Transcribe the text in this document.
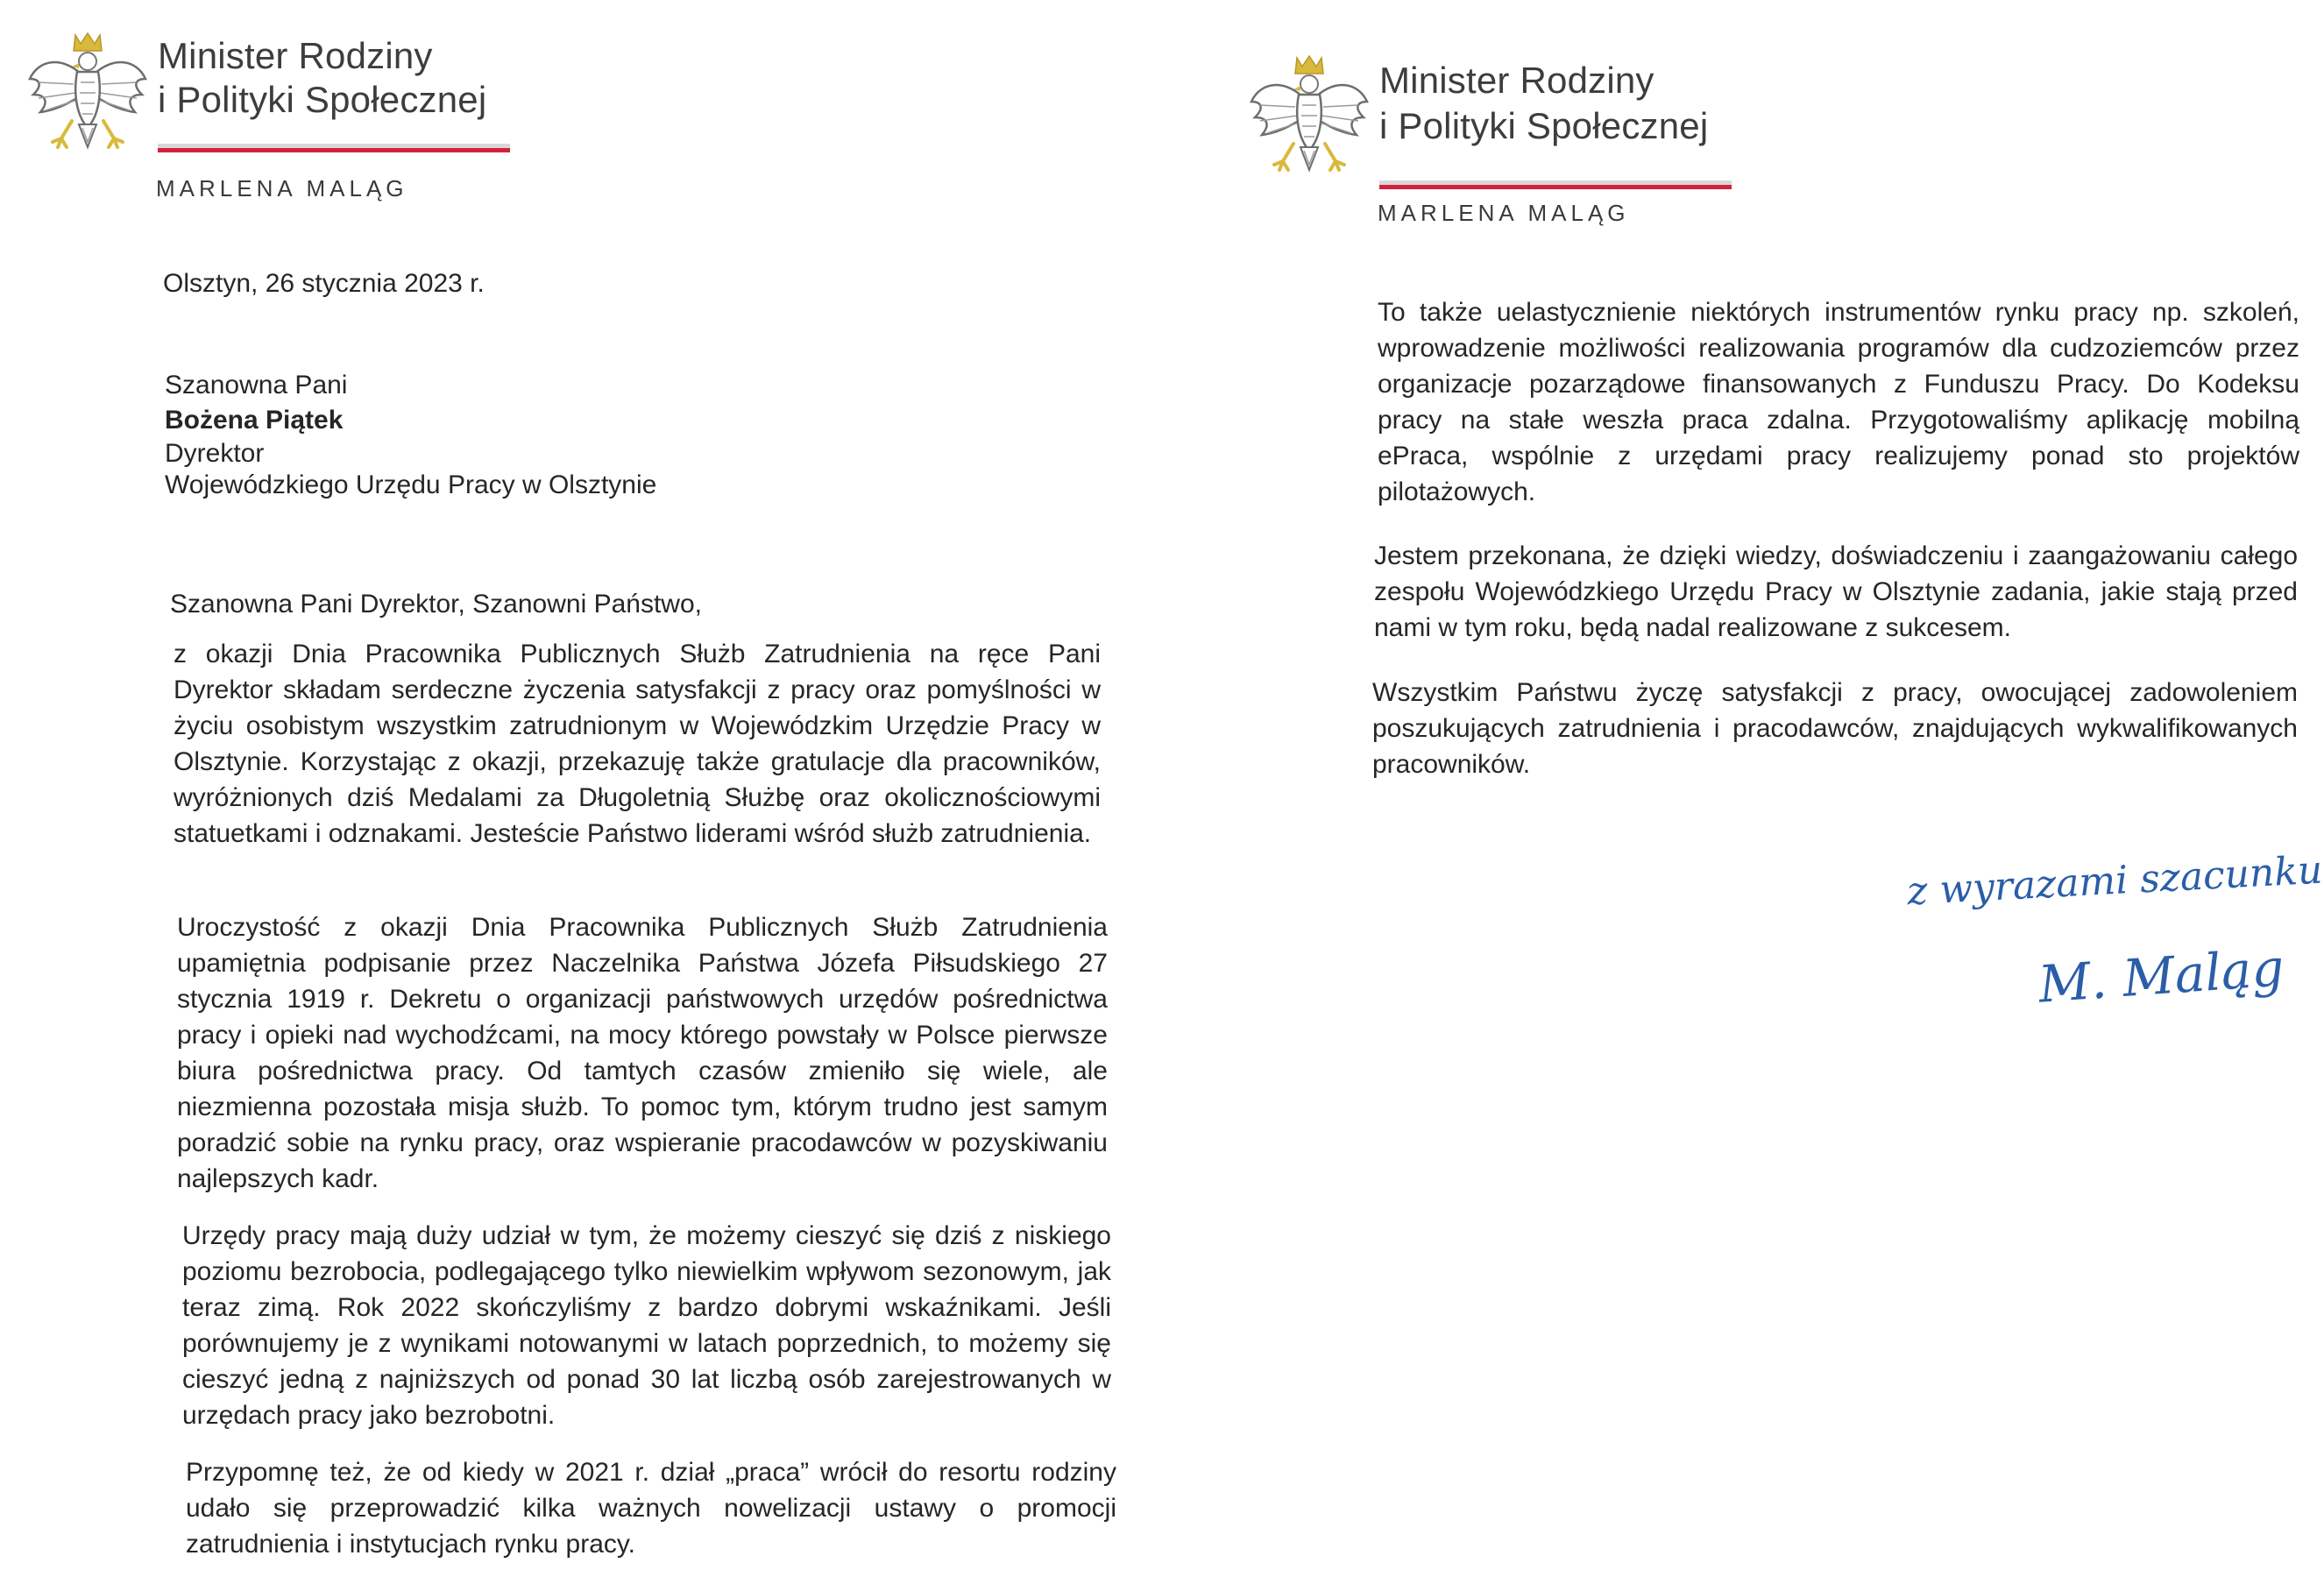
Minister Rodziny
i Polityki Społecznej
MARLENA MALĄG
Olsztyn, 26 stycznia 2023 r.
Szanowna Pani
Bożena Piątek
Dyrektor
Wojewódzkiego Urzędu Pracy w Olsztynie
Szanowna Pani Dyrektor, Szanowni Państwo,
z okazji Dnia Pracownika Publicznych Służb Zatrudnienia na ręce Pani Dyrektor składam serdeczne życzenia satysfakcji z pracy oraz pomyślności w życiu osobistym wszystkim zatrudnionym w Wojewódzkim Urzędzie Pracy w Olsztynie. Korzystając z okazji, przekazuję także gratulacje dla pracowników, wyróżnionych dziś Medalami za Długoletnią Służbę oraz okolicznościowymi statuetkami i odznakami. Jesteście Państwo liderami wśród służb zatrudnienia.
Uroczystość z okazji Dnia Pracownika Publicznych Służb Zatrudnienia upamiętnia podpisanie przez Naczelnika Państwa Józefa Piłsudskiego 27 stycznia 1919 r. Dekretu o organizacji państwowych urzędów pośrednictwa pracy i opieki nad wychodźcami, na mocy którego powstały w Polsce pierwsze biura pośrednictwa pracy. Od tamtych czasów zmieniło się wiele, ale niezmienna pozostała misja służb. To pomoc tym, którym trudno jest samym poradzić sobie na rynku pracy, oraz wspieranie pracodawców w pozyskiwaniu najlepszych kadr.
Urzędy pracy mają duży udział w tym, że możemy cieszyć się dziś z niskiego poziomu bezrobocia, podlegającego tylko niewielkim wpływom sezonowym, jak teraz zimą. Rok 2022 skończyliśmy z bardzo dobrymi wskaźnikami. Jeśli porównujemy je z wynikami notowanymi w latach poprzednich, to możemy się cieszyć jedną z najniższych od ponad 30 lat liczbą osób zarejestrowanych w urzędach pracy jako bezrobotni.
Przypomnę też, że od kiedy w 2021 r. dział „praca” wrócił do resortu rodziny udało się przeprowadzić kilka ważnych nowelizacji ustawy o promocji zatrudnienia i instytucjach rynku pracy.
Minister Rodziny
i Polityki Społecznej
MARLENA MALĄG
To także uelastycznienie niektórych instrumentów rynku pracy np. szkoleń, wprowadzenie możliwości realizowania programów dla cudzoziemców przez organizacje pozarządowe finansowanych z Funduszu Pracy. Do Kodeksu pracy na stałe weszła praca zdalna. Przygotowaliśmy aplikację mobilną ePraca, wspólnie z urzędami pracy realizujemy ponad sto projektów pilotażowych.
Jestem przekonana, że dzięki wiedzy, doświadczeniu i zaangażowaniu całego zespołu Wojewódzkiego Urzędu Pracy w Olsztynie zadania, jakie stają przed nami w tym roku, będą nadal realizowane z sukcesem.
Wszystkim Państwu życzę satysfakcji z pracy, owocującej zadowoleniem poszukujących zatrudnienia i pracodawców, znajdujących wykwalifikowanych pracowników.
z wyrazami szacunku
M. Maląg
